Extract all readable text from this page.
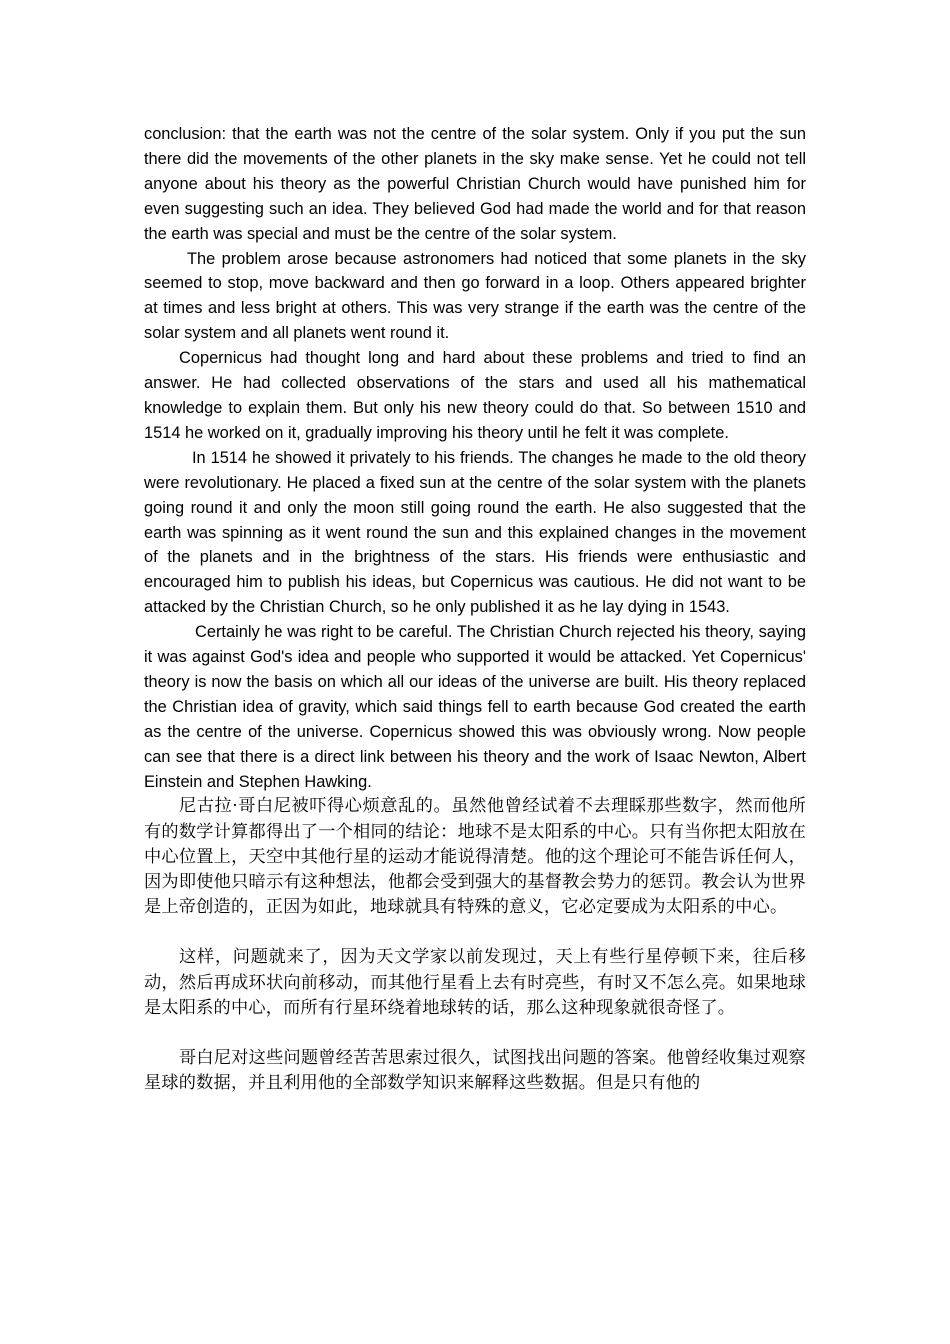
conclusion: that the earth was not the centre of the solar system. Only if you put the sun there did the movements of the other planets in the sky make sense. Yet he could not tell anyone about his theory as the powerful Christian Church would have punished him for even suggesting such an idea. They believed God had made the world and for that reason the earth was special and must be the centre of the solar system.

The problem arose because astronomers had noticed that some planets in the sky seemed to stop, move backward and then go forward in a loop. Others appeared brighter at times and less bright at others. This was very strange if the earth was the centre of the solar system and all planets went round it.

Copernicus had thought long and hard about these problems and tried to find an answer. He had collected observations of the stars and used all his mathematical knowledge to explain them. But only his new theory could do that. So between 1510 and 1514 he worked on it, gradually improving his theory until he felt it was complete.

In 1514 he showed it privately to his friends. The changes he made to the old theory were revolutionary. He placed a fixed sun at the centre of the solar system with the planets going round it and only the moon still going round the earth. He also suggested that the earth was spinning as it went round the sun and this explained changes in the movement of the planets and in the brightness of the stars. His friends were enthusiastic and encouraged him to publish his ideas, but Copernicus was cautious. He did not want to be attacked by the Christian Church, so he only published it as he lay dying in 1543.

Certainly he was right to be careful. The Christian Church rejected his theory, saying it was against God's idea and people who supported it would be attacked. Yet Copernicus' theory is now the basis on which all our ideas of the universe are built. His theory replaced the Christian idea of gravity, which said things fell to earth because God created the earth as the centre of the universe. Copernicus showed this was obviously wrong. Now people can see that there is a direct link between his theory and the work of Isaac Newton, Albert Einstein and Stephen Hawking.

尼古拉·哥白尼被吓得心烦意乱的。虽然他曾经试着不去理睬那些数字，然而他所有的数学计算都得出了一个相同的结论：地球不是太阳系的中心。只有当你把太阳放在中心位置上，天空中其他行星的运动才能说得清楚。他的这个理论可不能告诉任何人，因为即使他只暗示有这种想法，他都会受到强大的基督教会势力的惩罚。教会认为世界是上帝创造的，正因为如此，地球就具有特殊的意义，它必定要成为太阳系的中心。

这样，问题就来了，因为天文学家以前发现过，天上有些行星停顿下来，往后移动，然后再成环状向前移动，而其他行星看上去有时亮些，有时又不怎么亮。如果地球是太阳系的中心，而所有行星环绕着地球转的话，那么这种现象就很奇怪了。

哥白尼对这些问题曾经苦苦思索过很久，试图找出问题的答案。他曾经收集过观察星球的数据，并且利用他的全部数学知识来解释这些数据。但是只有他的
